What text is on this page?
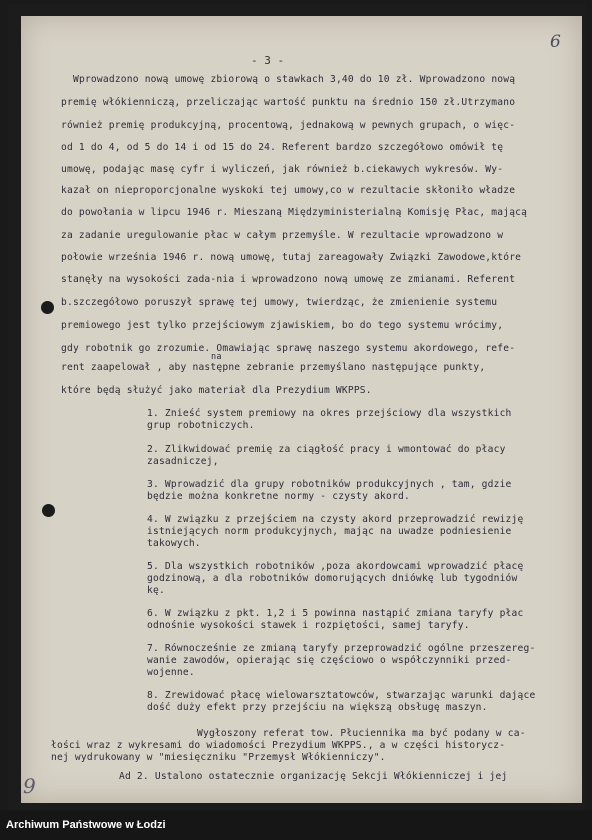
6
- 3 -
Wprowadzono nową umowę zbiorową o stawkach 3,40 do 10 zł. Wprowadzono nową
premię włókienniczą, przeliczając wartość punktu na średnio 150 zł.Utrzymano
również premię produkcyjną, procentową, jednakową w pewnych grupach, o więc-
od 1 do 4, od 5 do 14 i od 15 do 24. Referent bardzo szczegółowo omówił tę
umowę, podając masę cyfr i wyliczeń, jak również b.ciekawych wykresów. Wy-
kazał on nieproporcjonalne wyskoki tej umowy,co w rezultacie skłoniło władze
do powołania w lipcu 1946 r. Mieszaną Międzyministerialną Komisję Płac, mającą
za zadanie uregulowanie płac w całym przemyśle. W rezultacie wprowadzono w
połowie września 1946 r. nową umowę, tutaj zareagowały Związki Zawodowe,które
stanęły na wysokości zada-nia i wprowadzono nową umowę ze zmianami. Referent
b.szczegółowo poruszył sprawę tej umowy, twierdząc, że zmienienie systemu
premiowego jest tylko przejściowym zjawiskiem, bo do tego systemu wrócimy,
gdy robotnik go zrozumie. Omawiając sprawę naszego systemu akordowego, refe-
na
rent zaapelował , aby następne zebranie przemyślano następujące punkty,
które będą służyć jako materiał dla Prezydium WKPPS.
1. Znieść system premiowy na okres przejściowy dla wszystkich
grup robotniczych.
2. Zlikwidować premię za ciągłość pracy i wmontować do płacy
zasadniczej,
3. Wprowadzić dla grupy robotników produkcyjnych , tam, gdzie
będzie można konkretne normy - czysty akord.
4. W związku z przejściem na czysty akord przeprowadzić rewizję
istniejących norm produkcyjnych, mając na uwadze podniesienie
takowych.
5. Dla wszystkich robotników ,poza akordowcami wprowadzić płacę
godzinową, a dla robotników domorujących dniówkę lub tygodniów
kę.
6. W związku z pkt. 1,2 i 5 powinna nastąpić zmiana taryfy płac
odnośnie wysokości stawek i rozpiętości, samej taryfy.
7. Równocześnie ze zmianą taryfy przeprowadzić ogólne przeszereg-
wanie zawodów, opierając się częściowo o współczynniki przed-
wojenne.
8. Zrewidować płacę wielowarsztatowców, stwarzając warunki dające
dość duży efekt przy przejściu na większą obsługę maszyn.
Wygłoszony referat tow. Płuciennika ma być podany w ca-
łości wraz z wykresami do wiadomości Prezydium WKPPS., a w części historycz-
nej wydrukowany w "miesięczniku "Przemysł Włókienniczy".
Ad 2. Ustalono ostatecznie organizację Sekcji Włókienniczej i jej
9
Archiwum Państwowe w Łodzi
